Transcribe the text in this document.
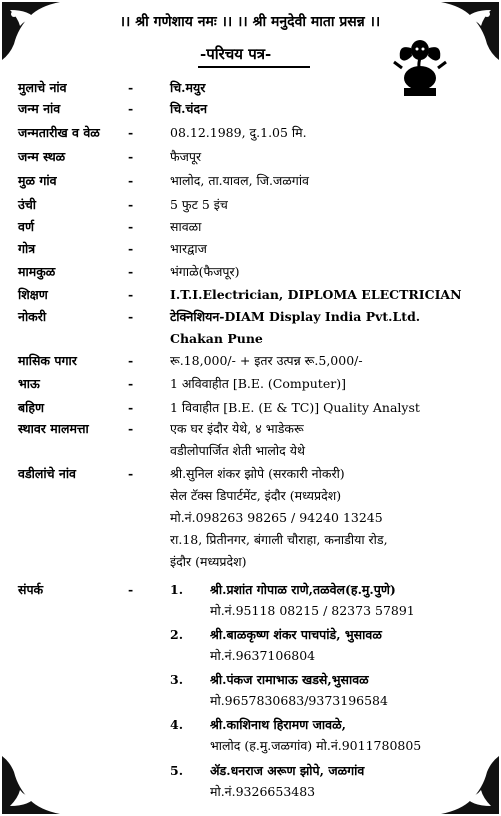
।। श्री गणेशाय नमः ।। ।। श्री मनुदेवी माता प्रसन्न ।।
-परिचय पत्र-
मुलाचे नांव	-	चि.मयुर
जन्म नांव	-	चि.चंदन
जन्मतारीख व वेळ -	08.12.1989, दु.1.05 मि.
जन्म स्थळ	-	फैजपूर
मुळ गांव	-	भालोद, ता.यावल, जि.जळगांव
उंची	-	5 फुट 5 इंच
वर्ण	-	सावळा
गोत्र	-	भारद्वाज
मामकुळ	-	भंगाळे(फैजपूर)
शिक्षण	-	I.T.I.Electrician, DIPLOMA ELECTRICIAN
नोकरी	-	टेक्निशियन-DIAM Display India Pvt.Ltd.
Chakan Pune
मासिक पगार	-	रू.18,000/- + इतर उत्पन्न रू.5,000/-
भाऊ	-	1 अविवाहीत [B.E. (Computer)]
बहिण	-	1 विवाहीत [B.E. (E & TC)] Quality Analyst
स्थावर मालमत्ता	-	एक घर इंदौर येथे, ४ भाडेकरू
वडीलोपार्जित शेती भालोद येथे
वडीलांचे नांव	-	श्री.सुनिल शंकर झोपे (सरकारी नोकरी)
सेल टॅक्स डिपार्टमेंट, इंदौर (मध्यप्रदेश)
मो.नं.098263 98265 / 94240 13245
रा.18, प्रितीनगर, बंगाली चौराहा, कनाडीया रोड,
इंदौर (मध्यप्रदेश)
संपर्क	-	1. श्री.प्रशांत गोपाळ राणे,तळवेल(ह.मु.पुणे)
मो.नं.95118 08215 / 82373 57891
2. श्री.बाळकृष्ण शंकर पाचपांडे, भुसावळ
मो.नं.9637106804
3. श्री.पंकज रामाभाऊ खडसे,भुसावळ
मो.9657830683/9373196584
4. श्री.काशिनाथ हिरामण जावळे,
भालोद (ह.मु.जळगांव) मो.नं.9011780805
5. ॲड.धनराज अरूण झोपे, जळगांव
मो.नं.9326653483
